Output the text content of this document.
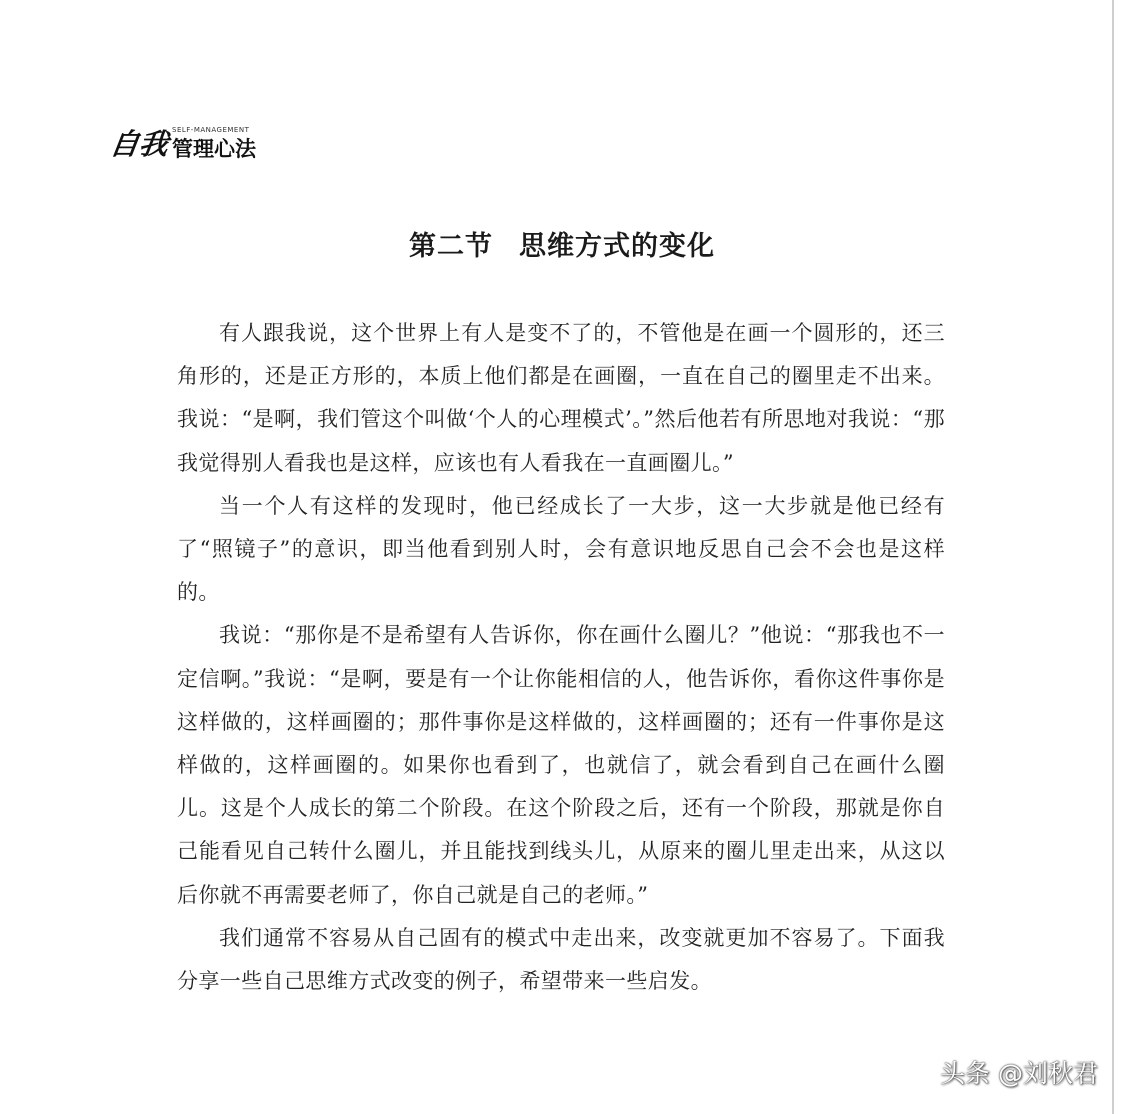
自我 SELF-MANAGEMENT
管理心法
第二节 思维方式的变化

有人跟我说，这个世界上有人是变不了的，不管他是在画一个圆形的，还三角形的，还是正方形的，本质上他们都是在画圈，一直在自己的圈里走不出来。我说：“是啊，我们管这个叫做‘个人的心理模式’。”然后他若有所思地对我说：“那我觉得别人看我也是这样，应该也有人看我在一直画圈儿。”

当一个人有这样的发现时，他已经成长了一大步，这一大步就是他已经有了“照镜子”的意识，即当他看到别人时，会有意识地反思自己会不会也是这样的。

我说：“那你是不是希望有人告诉你，你在画什么圈儿？”他说：“那我也不一定信啊。”我说：“是啊，要是有一个让你能相信的人，他告诉你，看你这件事你是这样做的，这样画圈的；那件事你是这样做的，这样画圈的；还有一件事你是这样做的，这样画圈的。如果你也看到了，也就信了，就会看到自己在画什么圈儿。这是个人成长的第二个阶段。在这个阶段之后，还有一个阶段，那就是你自己能看见自己转什么圈儿，并且能找到线头儿，从原来的圈儿里走出来，从这以后你就不再需要老师了，你自己就是自己的老师。”

我们通常不容易从自己固有的模式中走出来，改变就更加不容易了。下面我分享一些自己思维方式改变的例子，希望带来一些启发。

头条 @刘秋君
